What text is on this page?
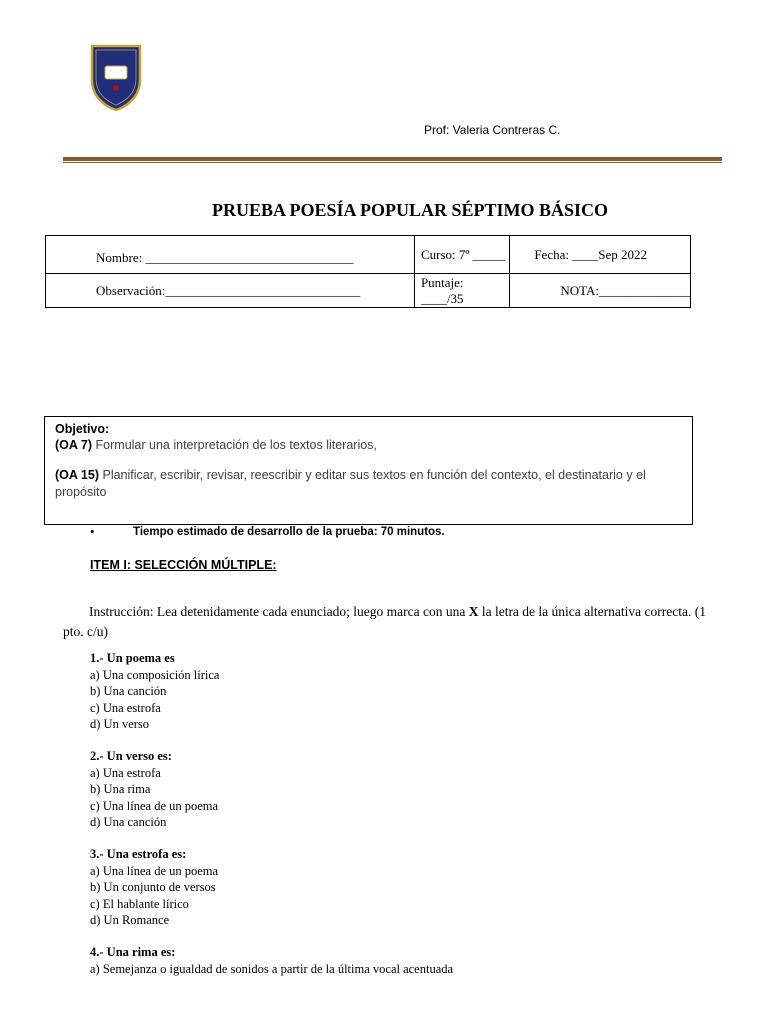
Prof: Valeria Contreras C.
PRUEBA POESÍA POPULAR SÉPTIMO BÁSICO
Nombre: ________________________________	Curso: 7º _____	Fecha: ____Sep 2022
Observación:______________________________	Puntaje: ____/35	NOTA:______________
Objetivo:
(OA 7) Formular una interpretación de los textos literarios,
(OA 15) Planificar, escribir, revisar, reescribir y editar sus textos en función del contexto, el destinatario y el propósito
•	Tiempo estimado de desarrollo de la prueba: 70 minutos.
ITEM I: SELECCIÓN MÚLTIPLE:
Instrucción: Lea detenidamente cada enunciado; luego marca con una X la letra de la única alternativa correcta. (1 pto. c/u)
1.- Un poema es
a) Una composición lírica
b) Una canción
c) Una estrofa
d) Un verso
2.- Un verso es:
a) Una estrofa
b) Una rima
c) Una línea de un poema
d) Una canción
3.- Una estrofa es:
a) Una línea de un poema
b) Un conjunto de versos
c) El hablante lírico
d) Un Romance
4.- Una rima es:
a) Semejanza o igualdad de sonidos a partir de la última vocal acentuada
